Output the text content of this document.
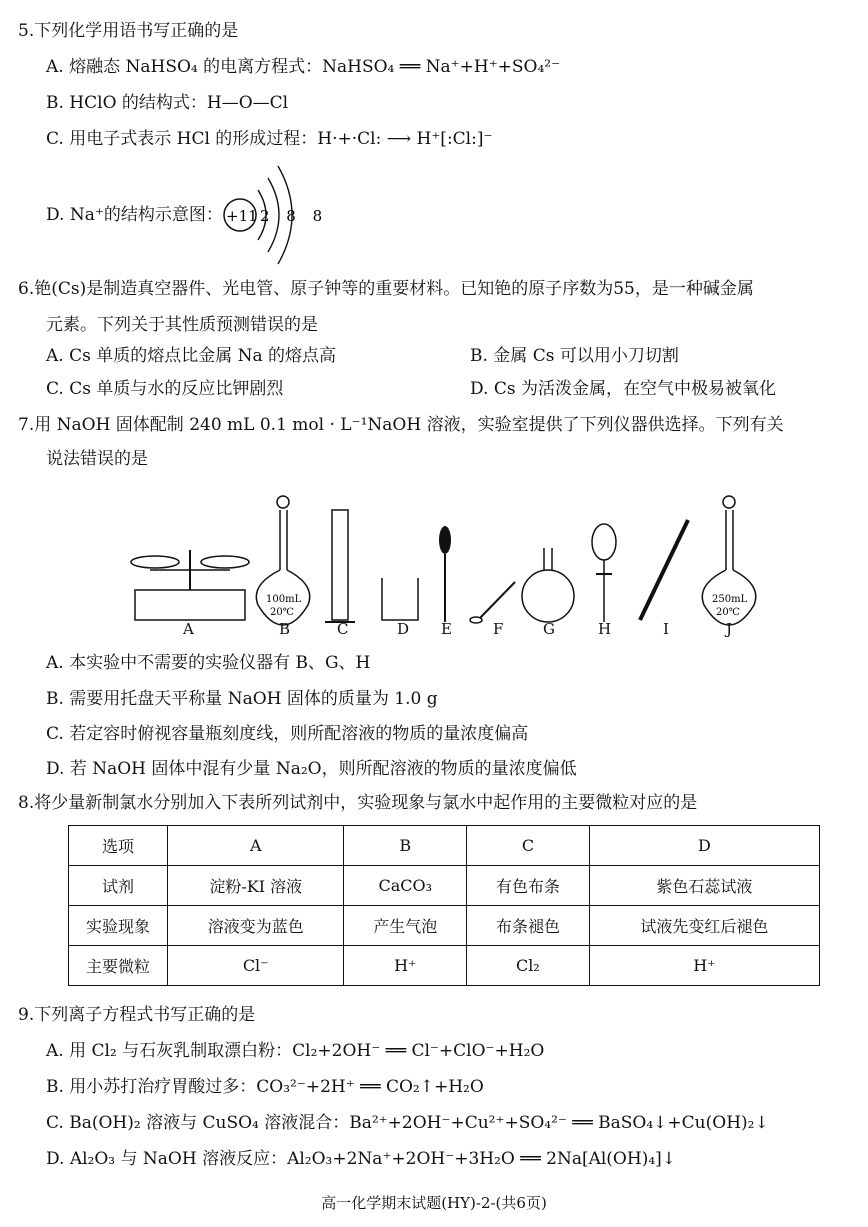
5.下列化学用语书写正确的是
A. 熔融态 NaHSO₄ 的电离方程式：NaHSO₄ ══ Na⁺+H⁺+SO₄²⁻
B. HClO 的结构式：H—O—Cl
C. 用电子式表示 HCl 的形成过程：H·+·Cl: ⟶ H⁺[:Cl:]⁻
D. Na⁺的结构示意图： +11 2 8 8
6.铯(Cs)是制造真空器件、光电管、原子钟等的重要材料。已知铯的原子序数为55，是一种碱金属
元素。下列关于其性质预测错误的是
A. Cs 单质的熔点比金属 Na 的熔点高	B. 金属 Cs 可以用小刀切割
C. Cs 单质与水的反应比钾剧烈	D. Cs 为活泼金属，在空气中极易被氧化
7.用 NaOH 固体配制 240 mL 0.1 mol · L⁻¹NaOH 溶液，实验室提供了下列仪器供选择。下列有关
说法错误的是
100mL
20℃
250mL
20℃
A	B	C	D E	F	G	H	I	J
A. 本实验中不需要的实验仪器有 B、G、H
B. 需要用托盘天平称量 NaOH 固体的质量为 1.0 g
C. 若定容时俯视容量瓶刻度线，则所配溶液的物质的量浓度偏高
D. 若 NaOH 固体中混有少量 Na₂O，则所配溶液的物质的量浓度偏低
8.将少量新制氯水分别加入下表所列试剂中，实验现象与氯水中起作用的主要微粒对应的是
选项	A	B	C	D
试剂	淀粉-KI 溶液	CaCO₃	有色布条	紫色石蕊试液
实验现象	溶液变为蓝色	产生气泡	布条褪色	试液先变红后褪色
主要微粒	Cl⁻	H⁺	Cl₂	H⁺
9.下列离子方程式书写正确的是
A. 用 Cl₂ 与石灰乳制取漂白粉：Cl₂+2OH⁻ ══ Cl⁻+ClO⁻+H₂O
B. 用小苏打治疗胃酸过多：CO₃²⁻+2H⁺ ══ CO₂↑+H₂O
C. Ba(OH)₂ 溶液与 CuSO₄ 溶液混合：Ba²⁺+2OH⁻+Cu²⁺+SO₄²⁻ ══ BaSO₄↓+Cu(OH)₂↓
D. Al₂O₃ 与 NaOH 溶液反应：Al₂O₃+2Na⁺+2OH⁻+3H₂O ══ 2Na[Al(OH)₄]↓
高一化学期末试题(HY)-2-(共6页)
